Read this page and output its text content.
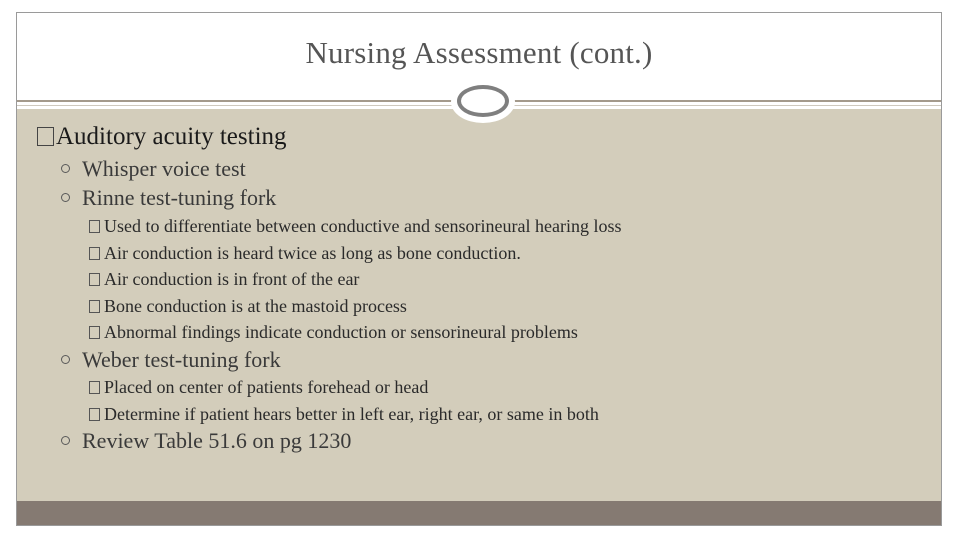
Nursing Assessment (cont.)
Auditory acuity testing
Whisper voice test
Rinne test-tuning fork
Used to differentiate between conductive and sensorineural hearing loss
Air conduction is heard twice as long as bone conduction.
Air conduction is in front of the ear
Bone conduction is at the mastoid process
Abnormal findings indicate conduction or sensorineural problems
Weber test-tuning fork
Placed on center of patients forehead or head
Determine if patient hears better in left ear, right ear, or same in both
Review Table 51.6 on pg 1230
